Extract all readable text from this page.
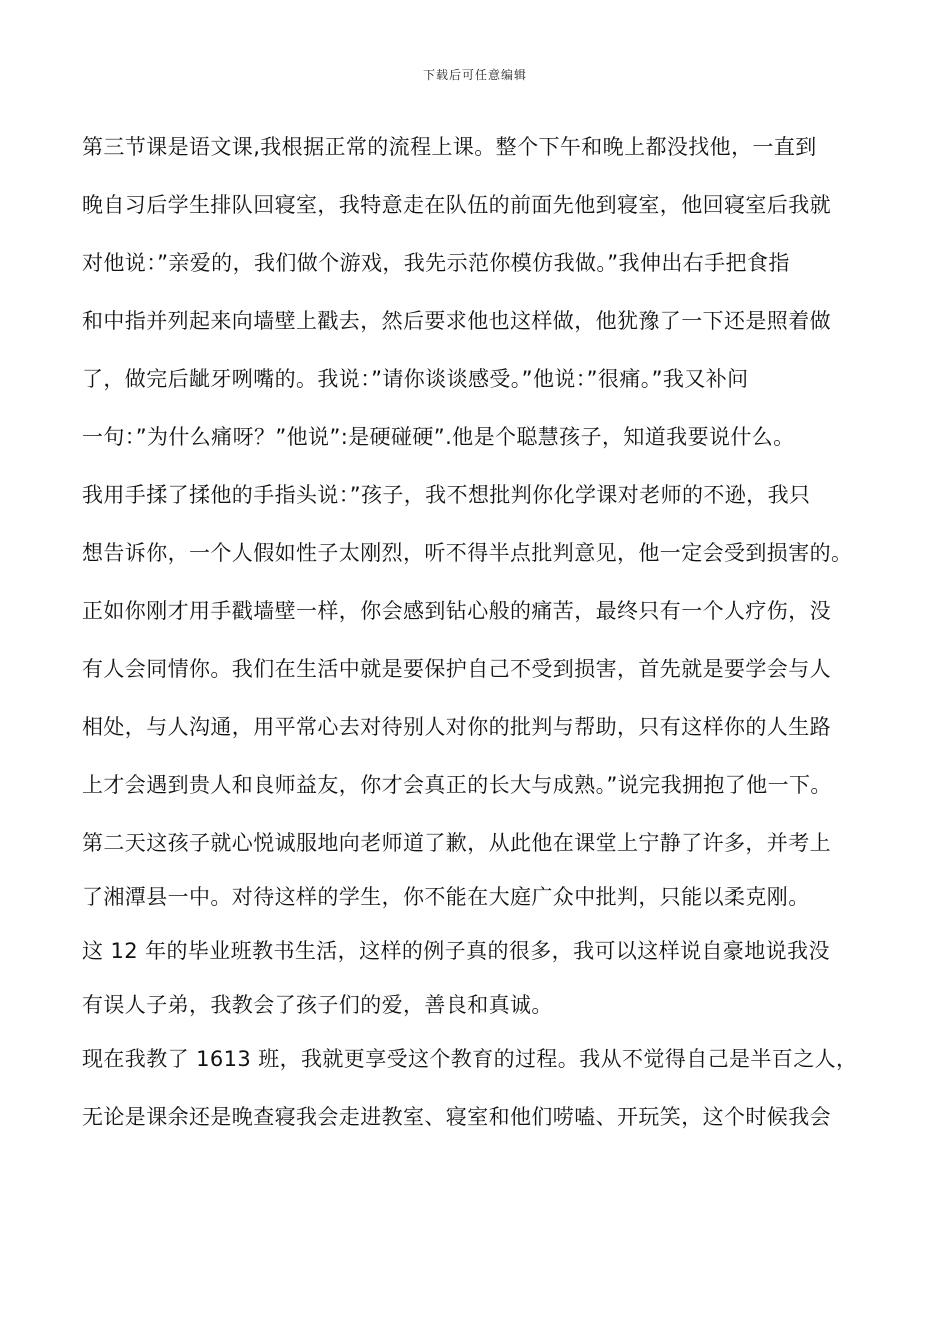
下载后可任意编辑
第三节课是语文课,我根据正常的流程上课。整个下午和晚上都没找他，一直到
晚自习后学生排队回寝室，我特意走在队伍的前面先他到寝室，他回寝室后我就
对他说：”亲爱的，我们做个游戏，我先示范你模仿我做。”我伸出右手把食指
和中指并列起来向墙壁上戳去，然后要求他也这样做，他犹豫了一下还是照着做
了，做完后龇牙咧嘴的。我说：”请你谈谈感受。”他说：”很痛。”我又补问
一句：”为什么痛呀？”他说”:是硬碰硬”.他是个聪慧孩子，知道我要说什么。
我用手揉了揉他的手指头说：”孩子，我不想批判你化学课对老师的不逊，我只
想告诉你，一个人假如性子太刚烈，听不得半点批判意见，他一定会受到损害的。
正如你刚才用手戳墙壁一样，你会感到钻心般的痛苦，最终只有一个人疗伤，没
有人会同情你。我们在生活中就是要保护自己不受到损害，首先就是要学会与人
相处，与人沟通，用平常心去对待别人对你的批判与帮助，只有这样你的人生路
上才会遇到贵人和良师益友，你才会真正的长大与成熟。”说完我拥抱了他一下。
第二天这孩子就心悦诚服地向老师道了歉，从此他在课堂上宁静了许多，并考上
了湘潭县一中。对待这样的学生，你不能在大庭广众中批判，只能以柔克刚。
这 12 年的毕业班教书生活，这样的例子真的很多，我可以这样说自豪地说我没
有误人子弟，我教会了孩子们的爱，善良和真诚。
现在我教了 1613 班，我就更享受这个教育的过程。我从不觉得自己是半百之人，
无论是课余还是晚查寝我会走进教室、寝室和他们唠嗑、开玩笑，这个时候我会
